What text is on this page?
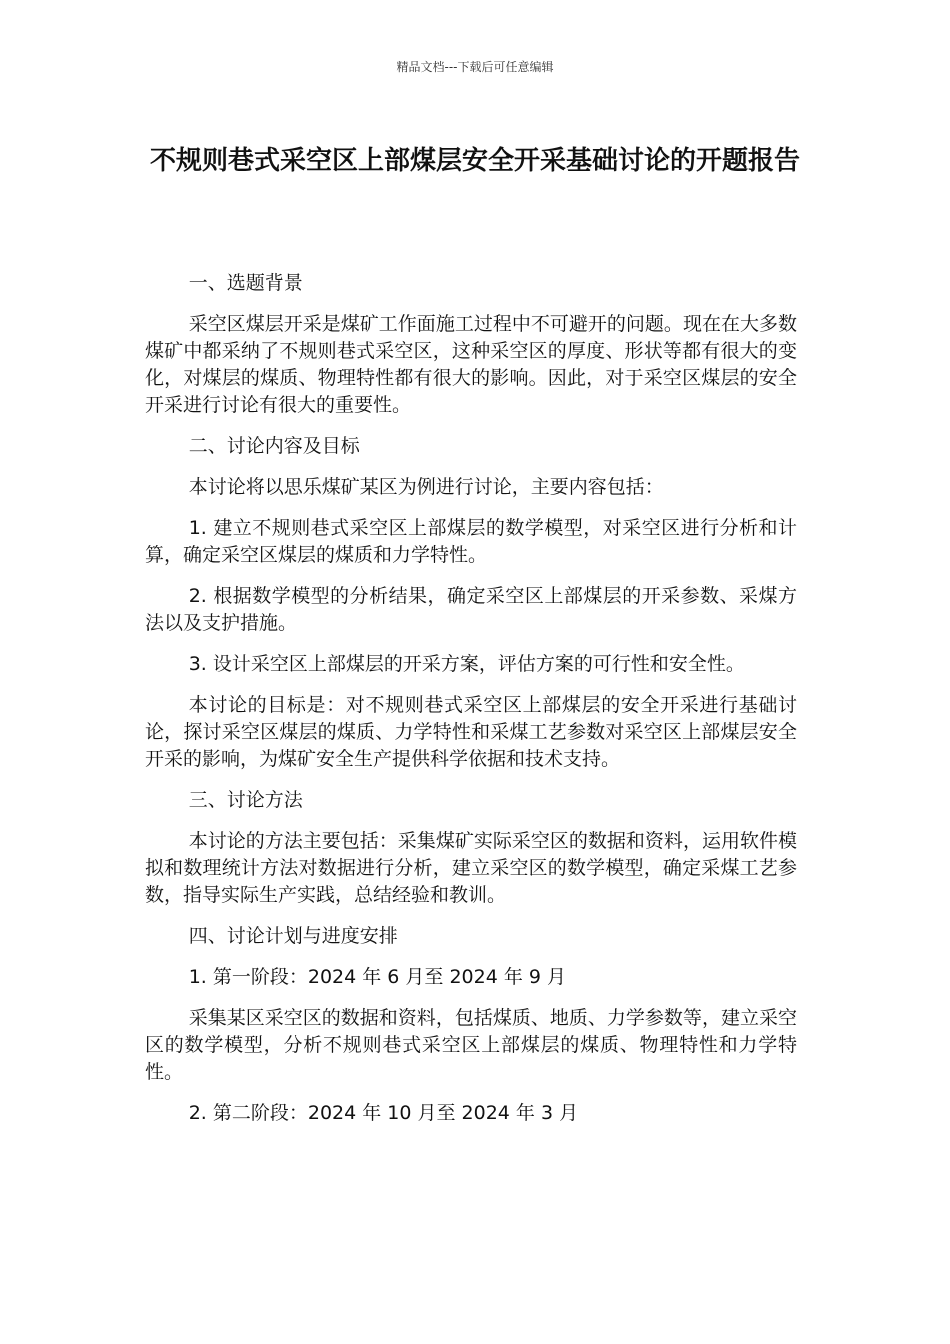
精品文档---下载后可任意编辑
不规则巷式采空区上部煤层安全开采基础讨论的开题报告

一、选题背景

采空区煤层开采是煤矿工作面施工过程中不可避开的问题。现在在大多数煤矿中都采纳了不规则巷式采空区，这种采空区的厚度、形状等都有很大的变化，对煤层的煤质、物理特性都有很大的影响。因此，对于采空区煤层的安全开采进行讨论有很大的重要性。

二、讨论内容及目标

本讨论将以思乐煤矿某区为例进行讨论，主要内容包括：

1. 建立不规则巷式采空区上部煤层的数学模型，对采空区进行分析和计算，确定采空区煤层的煤质和力学特性。

2. 根据数学模型的分析结果，确定采空区上部煤层的开采参数、采煤方法以及支护措施。

3. 设计采空区上部煤层的开采方案，评估方案的可行性和安全性。

本讨论的目标是：对不规则巷式采空区上部煤层的安全开采进行基础讨论，探讨采空区煤层的煤质、力学特性和采煤工艺参数对采空区上部煤层安全开采的影响，为煤矿安全生产提供科学依据和技术支持。

三、讨论方法

本讨论的方法主要包括：采集煤矿实际采空区的数据和资料，运用软件模拟和数理统计方法对数据进行分析，建立采空区的数学模型，确定采煤工艺参数，指导实际生产实践，总结经验和教训。

四、讨论计划与进度安排

1. 第一阶段：2024 年 6 月至 2024 年 9 月

采集某区采空区的数据和资料，包括煤质、地质、力学参数等，建立采空区的数学模型，分析不规则巷式采空区上部煤层的煤质、物理特性和力学特性。

2. 第二阶段：2024 年 10 月至 2024 年 3 月
